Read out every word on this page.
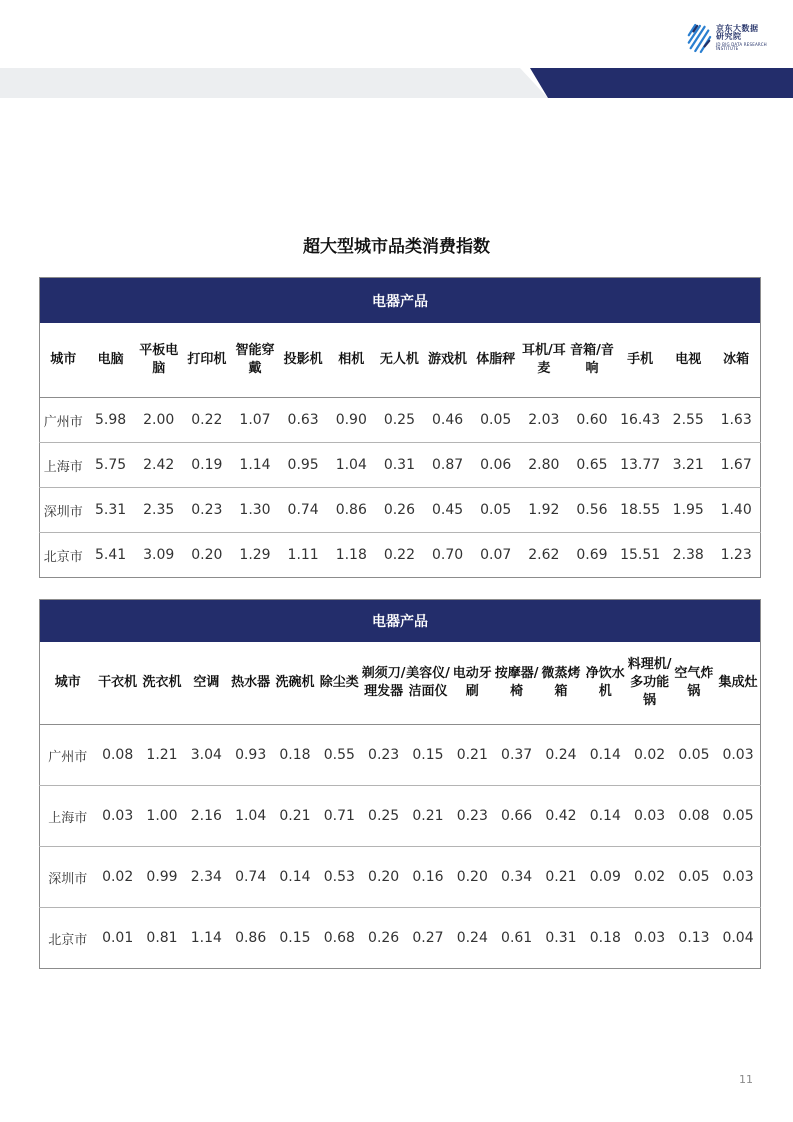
京东大数据研究院
JD BIG DATA RESEARCH INSTITUTE
超大型城市品类消费指数
电器产品														
城市	电脑	平板电脑	打印机	智能穿戴	投影机	相机	无人机	游戏机	体脂秤	耳机/耳麦	音箱/音响	手机	电视	冰箱
广州市	5.98	2.00	0.22	1.07	0.63	0.90	0.25	0.46	0.05	2.03	0.60	16.43	2.55	1.63
上海市	5.75	2.42	0.19	1.14	0.95	1.04	0.31	0.87	0.06	2.80	0.65	13.77	3.21	1.67
深圳市	5.31	2.35	0.23	1.30	0.74	0.86	0.26	0.45	0.05	1.92	0.56	18.55	1.95	1.40
北京市	5.41	3.09	0.20	1.29	1.11	1.18	0.22	0.70	0.07	2.62	0.69	15.51	2.38	1.23
电器产品															
城市	干衣机	洗衣机	空调	热水器	洗碗机	除尘类	剃须刀/理发器	美容仪/洁面仪	电动牙刷	按摩器/椅	微蒸烤箱	净饮水机	料理机/多功能锅	空气炸锅	集成灶
广州市	0.08	1.21	3.04	0.93	0.18	0.55	0.23	0.15	0.21	0.37	0.24	0.14	0.02	0.05	0.03
上海市	0.03	1.00	2.16	1.04	0.21	0.71	0.25	0.21	0.23	0.66	0.42	0.14	0.03	0.08	0.05
深圳市	0.02	0.99	2.34	0.74	0.14	0.53	0.20	0.16	0.20	0.34	0.21	0.09	0.02	0.05	0.03
北京市	0.01	0.81	1.14	0.86	0.15	0.68	0.26	0.27	0.24	0.61	0.31	0.18	0.03	0.13	0.04
11
